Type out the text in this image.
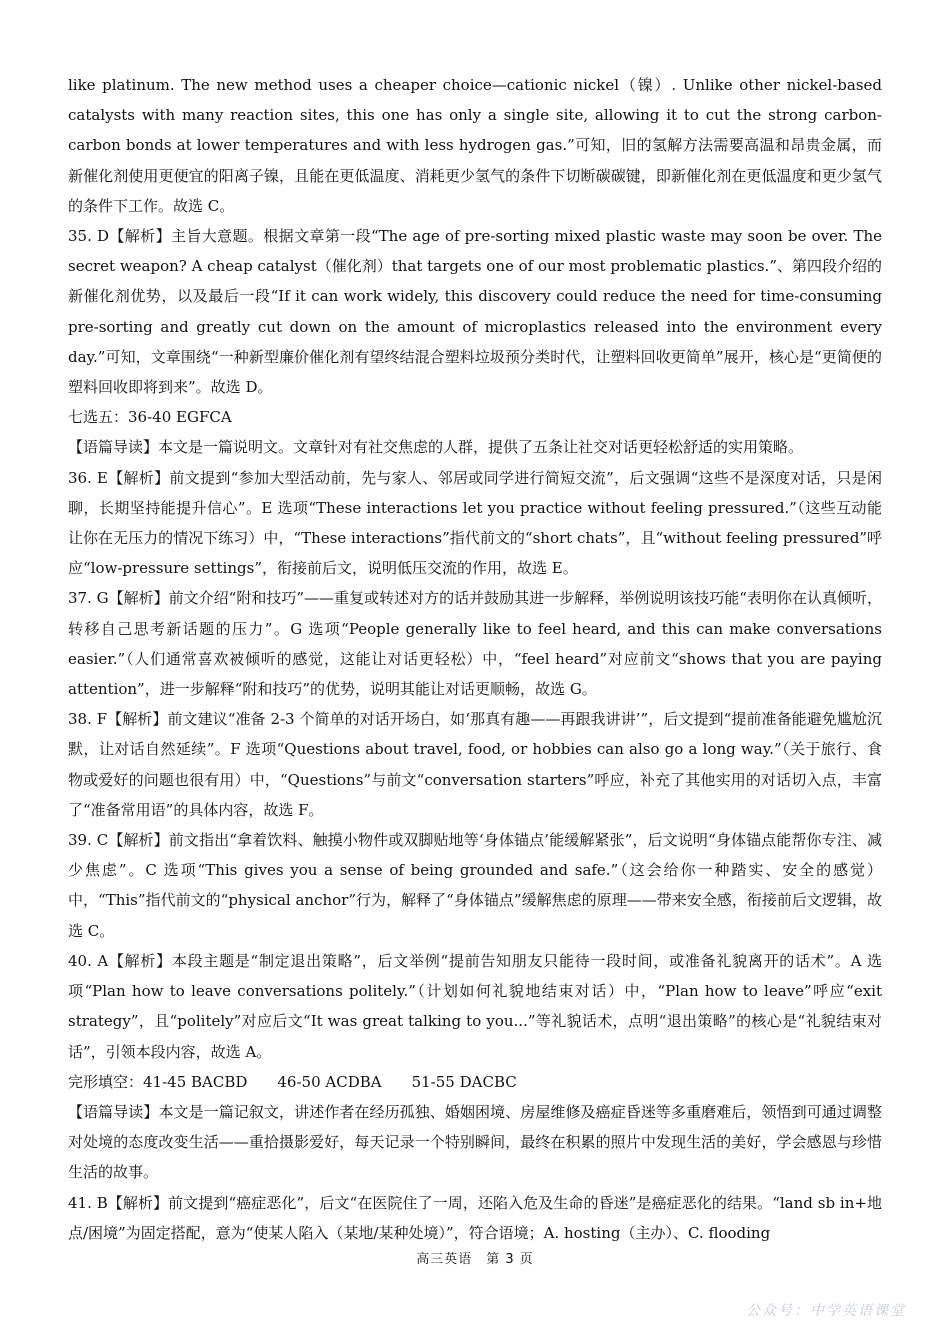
like platinum. The new method uses a cheaper choice—cationic nickel（镍）. Unlike other nickel-based catalysts with many reaction sites, this one has only a single site, allowing it to cut the strong carbon-carbon bonds at lower temperatures and with less hydrogen gas.”可知，旧的氢解方法需要高温和昂贵金属，而新催化剂使用更便宜的阳离子镍，且能在更低温度、消耗更少氢气的条件下切断碳碳键，即新催化剂在更低温度和更少氢气的条件下工作。故选 C。

35. D【解析】主旨大意题。根据文章第一段“The age of pre-sorting mixed plastic waste may soon be over. The secret weapon? A cheap catalyst（催化剂）that targets one of our most problematic plastics.”、第四段介绍的新催化剂优势，以及最后一段“If it can work widely, this discovery could reduce the need for time-consuming pre-sorting and greatly cut down on the amount of microplastics released into the environment every day.”可知，文章围绕“一种新型廉价催化剂有望终结混合塑料垃圾预分类时代，让塑料回收更简单”展开，核心是“更简便的塑料回收即将到来”。故选 D。

七选五：36-40 EGFCA

【语篇导读】本文是一篇说明文。文章针对有社交焦虑的人群，提供了五条让社交对话更轻松舒适的实用策略。

36. E【解析】前文提到“参加大型活动前，先与家人、邻居或同学进行简短交流”，后文强调“这些不是深度对话，只是闲聊，长期坚持能提升信心”。E 选项“These interactions let you practice without feeling pressured.”（这些互动能让你在无压力的情况下练习）中，“These interactions”指代前文的“short chats”，且“without feeling pressured”呼应“low-pressure settings”，衔接前后文，说明低压交流的作用，故选 E。

37. G【解析】前文介绍“附和技巧”——重复或转述对方的话并鼓励其进一步解释，举例说明该技巧能“表明你在认真倾听，转移自己思考新话题的压力”。G 选项“People generally like to feel heard, and this can make conversations easier.”（人们通常喜欢被倾听的感觉，这能让对话更轻松）中，“feel heard”对应前文“shows that you are paying attention”，进一步解释“附和技巧”的优势，说明其能让对话更顺畅，故选 G。

38. F【解析】前文建议“准备 2-3 个简单的对话开场白，如‘那真有趣——再跟我讲讲’”，后文提到“提前准备能避免尴尬沉默，让对话自然延续”。F 选项“Questions about travel, food, or hobbies can also go a long way.”（关于旅行、食物或爱好的问题也很有用）中，“Questions”与前文“conversation starters”呼应，补充了其他实用的对话切入点，丰富了“准备常用语”的具体内容，故选 F。

39. C【解析】前文指出“拿着饮料、触摸小物件或双脚贴地等‘身体锚点’能缓解紧张”，后文说明“身体锚点能帮你专注、减少焦虑”。C 选项“This gives you a sense of being grounded and safe.”（这会给你一种踏实、安全的感觉）中，“This”指代前文的“physical anchor”行为，解释了“身体锚点”缓解焦虑的原理——带来安全感，衔接前后文逻辑，故选 C。

40. A【解析】本段主题是“制定退出策略”，后文举例“提前告知朋友只能待一段时间，或准备礼貌离开的话术”。A 选项“Plan how to leave conversations politely.”（计划如何礼貌地结束对话）中，“Plan how to leave”呼应“exit strategy”，且“politely”对应后文“It was great talking to you...”等礼貌话术，点明“退出策略”的核心是“礼貌结束对话”，引领本段内容，故选 A。

完形填空：41-45 BACBD　　46-50 ACDBA　　51-55 DACBC

【语篇导读】本文是一篇记叙文，讲述作者在经历孤独、婚姻困境、房屋维修及癌症昏迷等多重磨难后，领悟到可通过调整对处境的态度改变生活——重拾摄影爱好，每天记录一个特别瞬间，最终在积累的照片中发现生活的美好，学会感恩与珍惜生活的故事。

41. B【解析】前文提到“癌症恶化”，后文“在医院住了一周，还陷入危及生命的昏迷”是癌症恶化的结果。“land sb in+地点/困境”为固定搭配，意为“使某人陷入（某地/某种处境）”，符合语境；A. hosting（主办）、C. flooding

高三英语　第 3 页
公众号：中学英语课堂
